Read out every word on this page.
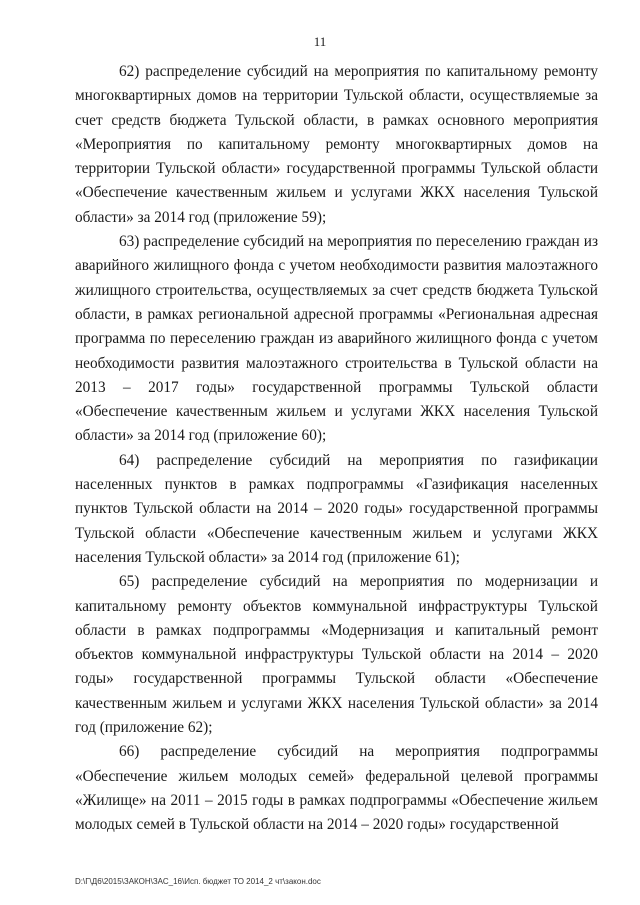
11

62) распределение субсидий на мероприятия по капитальному ремонту многоквартирных домов на территории Тульской области, осуществляемые за счет средств бюджета Тульской области, в рамках основного мероприятия «Мероприятия по капитальному ремонту многоквартирных домов на территории Тульской области» государственной программы Тульской области «Обеспечение качественным жильем и услугами ЖКХ населения Тульской области» за 2014 год (приложение 59);

63) распределение субсидий на мероприятия по переселению граждан из аварийного жилищного фонда с учетом необходимости развития малоэтажного жилищного строительства, осуществляемых за счет средств бюджета Тульской области, в рамках региональной адресной программы «Региональная адресная программа по переселению граждан из аварийного жилищного фонда с учетом необходимости развития малоэтажного строительства в Тульской области на 2013 – 2017 годы» государственной программы Тульской области «Обеспечение качественным жильем и услугами ЖКХ населения Тульской области» за 2014 год (приложение 60);

64) распределение субсидий на мероприятия по газификации населенных пунктов в рамках подпрограммы «Газификация населенных пунктов Тульской области на 2014 – 2020 годы» государственной программы Тульской области «Обеспечение качественным жильем и услугами ЖКХ населения Тульской области» за 2014 год (приложение 61);

65) распределение субсидий на мероприятия по модернизации и капитальному ремонту объектов коммунальной инфраструктуры Тульской области в рамках подпрограммы «Модернизация и капитальный ремонт объектов коммунальной инфраструктуры Тульской области на 2014 – 2020 годы» государственной программы Тульской области «Обеспечение качественным жильем и услугами ЖКХ населения Тульской области» за 2014 год (приложение 62);

66) распределение субсидий на мероприятия подпрограммы «Обеспечение жильем молодых семей» федеральной целевой программы «Жилище» на 2011 – 2015 годы в рамках подпрограммы «Обеспечение жильем молодых семей в Тульской области на 2014 – 2020 годы» государственной

D:\Г\Д6\2015\ЗАКОН\ЗАС_16\Исп. бюджет ТО 2014_2 чт\закон.doc
